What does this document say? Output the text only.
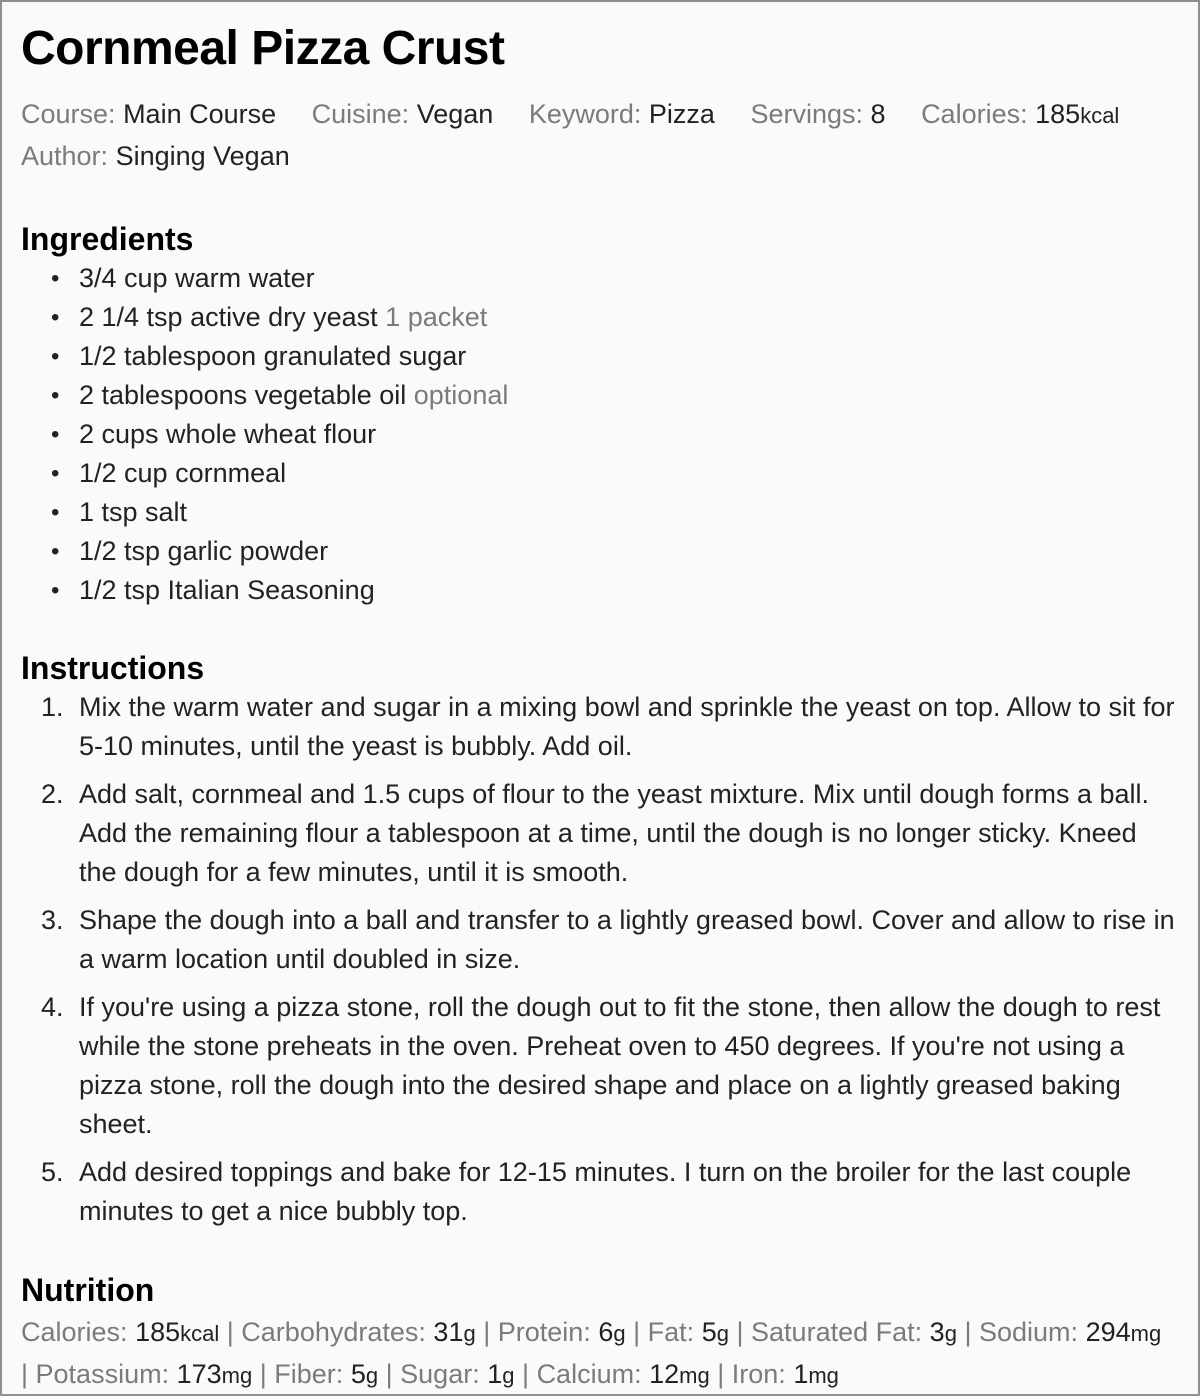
Cornmeal Pizza Crust
Course: Main Course Cuisine: Vegan Keyword: Pizza Servings: 8 Calories: 185kcal
Author: Singing Vegan
Ingredients
• 3/4 cup warm water
• 2 1/4 tsp active dry yeast 1 packet
• 1/2 tablespoon granulated sugar
• 2 tablespoons vegetable oil optional
• 2 cups whole wheat flour
• 1/2 cup cornmeal
• 1 tsp salt
• 1/2 tsp garlic powder
• 1/2 tsp Italian Seasoning
Instructions
1. Mix the warm water and sugar in a mixing bowl and sprinkle the yeast on top. Allow to sit for 5-10 minutes, until the yeast is bubbly. Add oil.
2. Add salt, cornmeal and 1.5 cups of flour to the yeast mixture. Mix until dough forms a ball. Add the remaining flour a tablespoon at a time, until the dough is no longer sticky. Kneed the dough for a few minutes, until it is smooth.
3. Shape the dough into a ball and transfer to a lightly greased bowl. Cover and allow to rise in a warm location until doubled in size.
4. If you're using a pizza stone, roll the dough out to fit the stone, then allow the dough to rest while the stone preheats in the oven. Preheat oven to 450 degrees. If you're not using a pizza stone, roll the dough into the desired shape and place on a lightly greased baking sheet.
5. Add desired toppings and bake for 12-15 minutes. I turn on the broiler for the last couple minutes to get a nice bubbly top.
Nutrition
Calories: 185kcal | Carbohydrates: 31g | Protein: 6g | Fat: 5g | Saturated Fat: 3g | Sodium: 294mg | Potassium: 173mg | Fiber: 5g | Sugar: 1g | Calcium: 12mg | Iron: 1mg
